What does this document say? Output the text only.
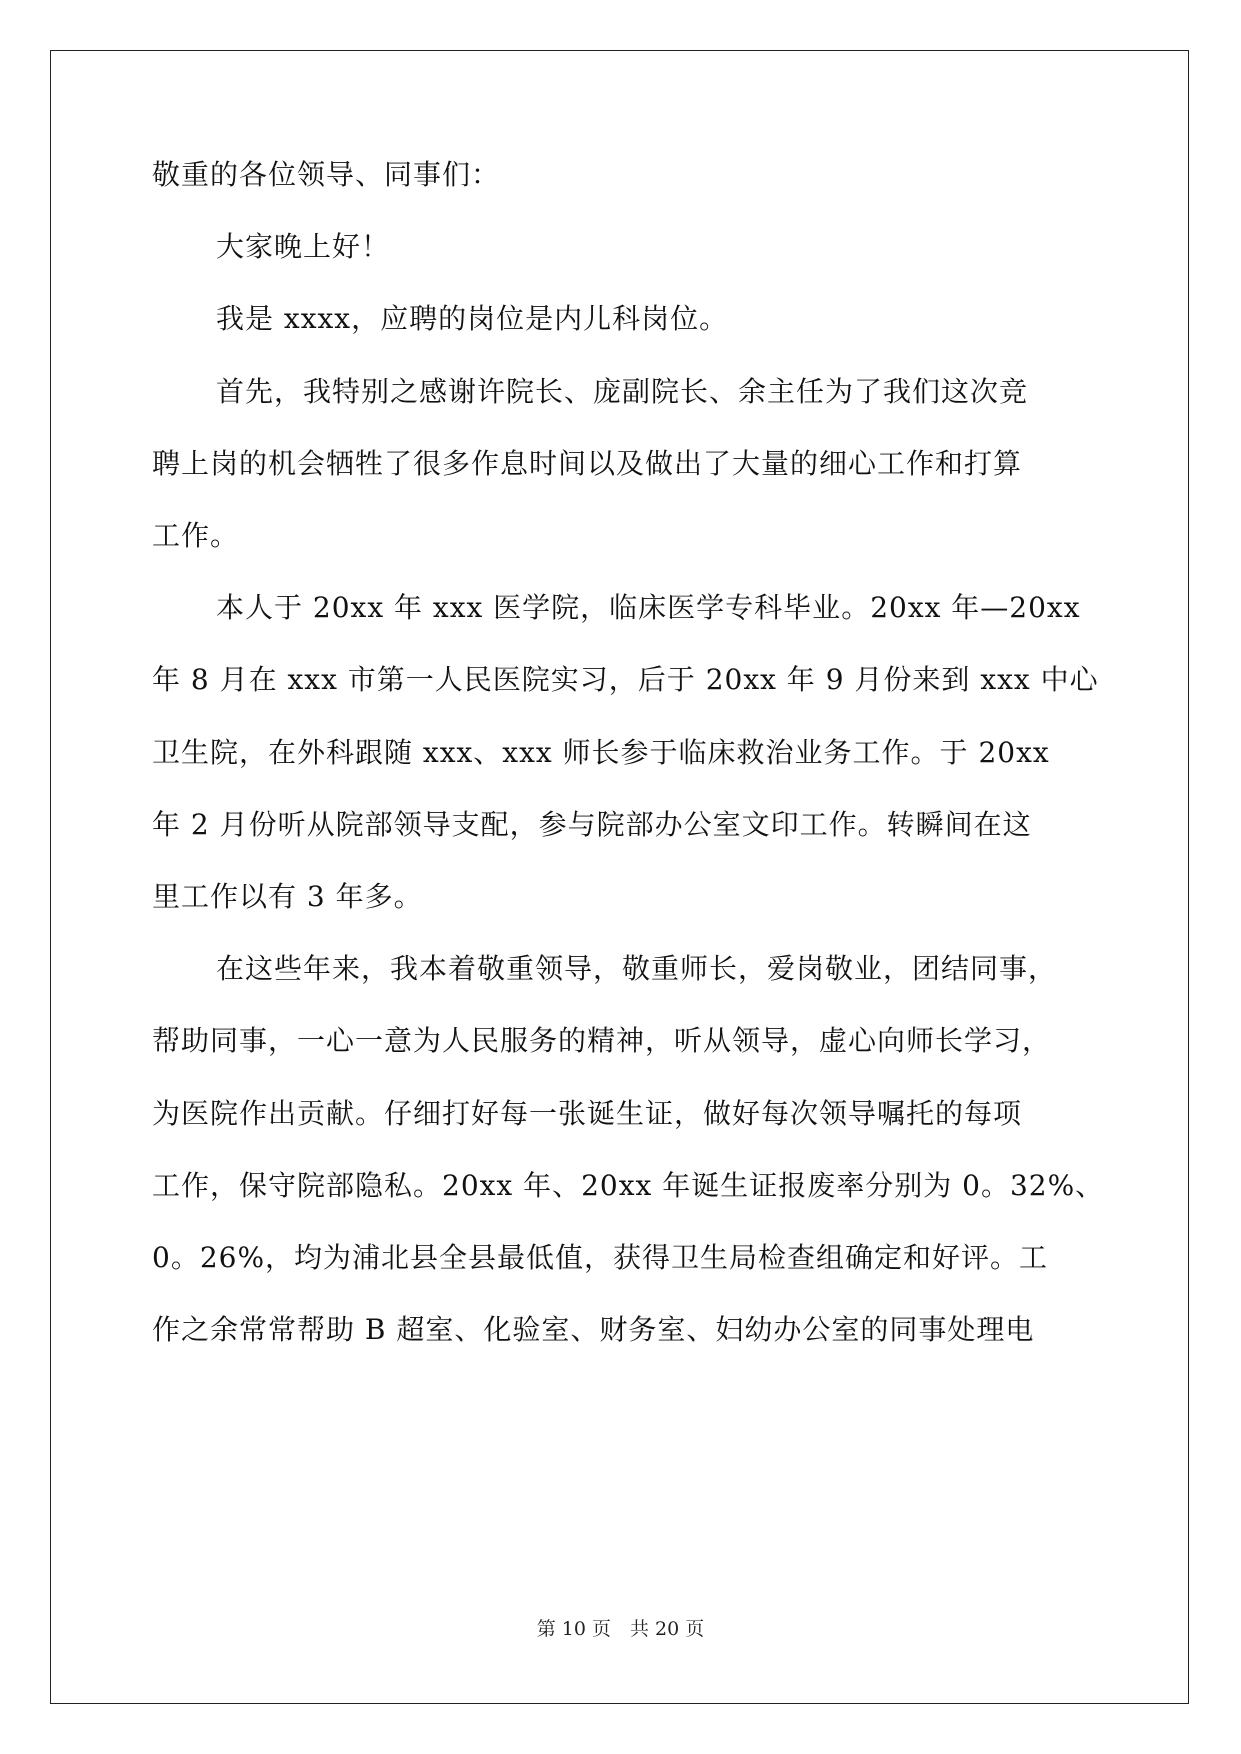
敬重的各位领导、同事们：
大家晚上好！
我是 xxxx，应聘的岗位是内儿科岗位。
首先，我特别之感谢许院长、庞副院长、余主任为了我们这次竞
聘上岗的机会牺牲了很多作息时间以及做出了大量的细心工作和打算
工作。
本人于 20xx 年 xxx 医学院，临床医学专科毕业。20xx 年—20xx
年 8 月在 xxx 市第一人民医院实习，后于 20xx 年 9 月份来到 xxx 中心
卫生院，在外科跟随 xxx、xxx 师长参于临床救治业务工作。于 20xx
年 2 月份听从院部领导支配，参与院部办公室文印工作。转瞬间在这
里工作以有 3 年多。
在这些年来，我本着敬重领导，敬重师长，爱岗敬业，团结同事，
帮助同事，一心一意为人民服务的精神，听从领导，虚心向师长学习，
为医院作出贡献。仔细打好每一张诞生证，做好每次领导嘱托的每项
工作，保守院部隐私。20xx 年、20xx 年诞生证报废率分别为 0。32%、
0。26%，均为浦北县全县最低值，获得卫生局检查组确定和好评。工
作之余常常帮助 B 超室、化验室、财务室、妇幼办公室的同事处理电
第 10 页　共 20 页
